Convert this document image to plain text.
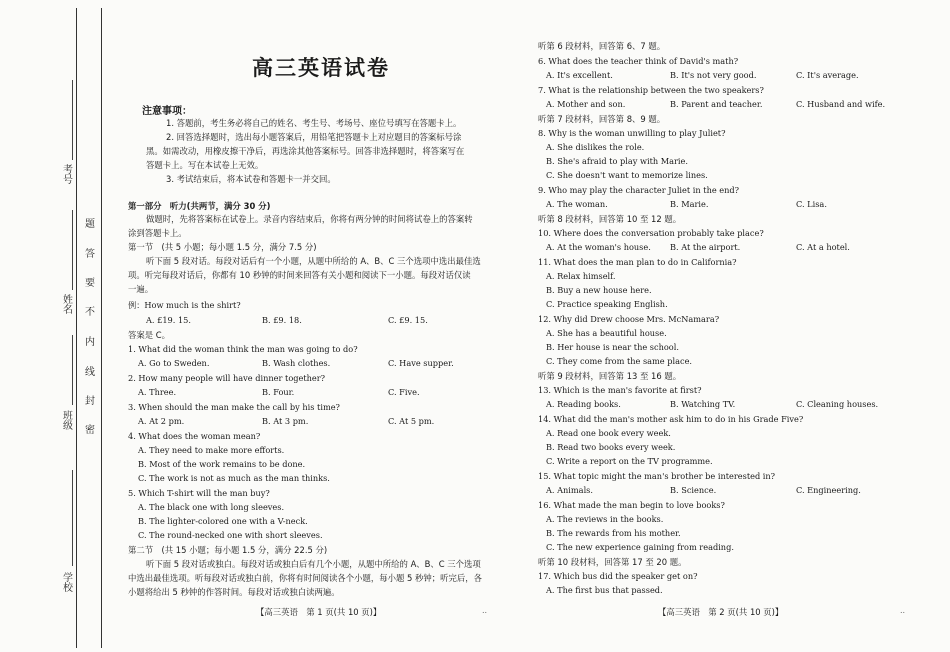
题
答
要
不
内
线
封
密
考号
姓名
班级
学校
高三英语试卷
注意事项：
1. 答题前，考生务必将自己的姓名、考生号、考场号、座位号填写在答题卡上。
2. 回答选择题时，选出每小题答案后，用铅笔把答题卡上对应题目的答案标号涂
黑。如需改动，用橡皮擦干净后，再选涂其他答案标号。回答非选择题时，将答案写在
答题卡上。写在本试卷上无效。
3. 考试结束后，将本试卷和答题卡一并交回。
第一部分　听力(共两节，满分 30 分)
做题时，先将答案标在试卷上。录音内容结束后，你将有两分钟的时间将试卷上的答案转
涂到答题卡上。
第一节　(共 5 小题；每小题 1.5 分，满分 7.5 分)
听下面 5 段对话。每段对话后有一个小题，从题中所给的 A、B、C 三个选项中选出最佳选
项。听完每段对话后，你都有 10 秒钟的时间来回答有关小题和阅读下一小题。每段对话仅读
一遍。
例：How much is the shirt?
A. £19. 15.	B. £9. 18.	C. £9. 15.
答案是 C。
1. What did the woman think the man was going to do?
A. Go to Sweden.	B. Wash clothes.	C. Have supper.
2. How many people will have dinner together?
A. Three.	B. Four.	C. Five.
3. When should the man make the call by his time?
A. At 2 pm.	B. At 3 pm.	C. At 5 pm.
4. What does the woman mean?
A. They need to make more efforts.
B. Most of the work remains to be done.
C. The work is not as much as the man thinks.
5. Which T-shirt will the man buy?
A. The black one with long sleeves.
B. The lighter-colored one with a V-neck.
C. The round-necked one with short sleeves.
第二节　(共 15 小题；每小题 1.5 分，满分 22.5 分)
听下面 5 段对话或独白。每段对话或独白后有几个小题，从题中所给的 A、B、C 三个选项
中选出最佳选项。听每段对话或独白前，你将有时间阅读各个小题，每小题 5 秒钟；听完后，各
小题将给出 5 秒钟的作答时间。每段对话或独白读两遍。
听第 6 段材料，回答第 6、7 题。
6. What does the teacher think of David's math?
A. It's excellent.	B. It's not very good.	C. It's average.
7. What is the relationship between the two speakers?
A. Mother and son.	B. Parent and teacher.	C. Husband and wife.
听第 7 段材料，回答第 8、9 题。
8. Why is the woman unwilling to play Juliet?
A. She dislikes the role.
B. She's afraid to play with Marie.
C. She doesn't want to memorize lines.
9. Who may play the character Juliet in the end?
A. The woman.	B. Marie.	C. Lisa.
听第 8 段材料，回答第 10 至 12 题。
10. Where does the conversation probably take place?
A. At the woman's house. B. At the airport.	C. At a hotel.
11. What does the man plan to do in California?
A. Relax himself.
B. Buy a new house here.
C. Practice speaking English.
12. Why did Drew choose Mrs. McNamara?
A. She has a beautiful house.
B. Her house is near the school.
C. They come from the same place.
听第 9 段材料，回答第 13 至 16 题。
13. Which is the man's favorite at first?
A. Reading books.	B. Watching TV.	C. Cleaning houses.
14. What did the man's mother ask him to do in his Grade Five?
A. Read one book every week.
B. Read two books every week.
C. Write a report on the TV programme.
15. What topic might the man's brother be interested in?
A. Animals.	B. Science.	C. Engineering.
16. What made the man begin to love books?
A. The reviews in the books.
B. The rewards from his mother.
C. The new experience gaining from reading.
听第 10 段材料，回答第 17 至 20 题。
17. Which bus did the speaker get on?
A. The first bus that passed.
【高三英语　第 1 页(共 10 页)】	..	【高三英语　第 2 页(共 10 页)】	..
